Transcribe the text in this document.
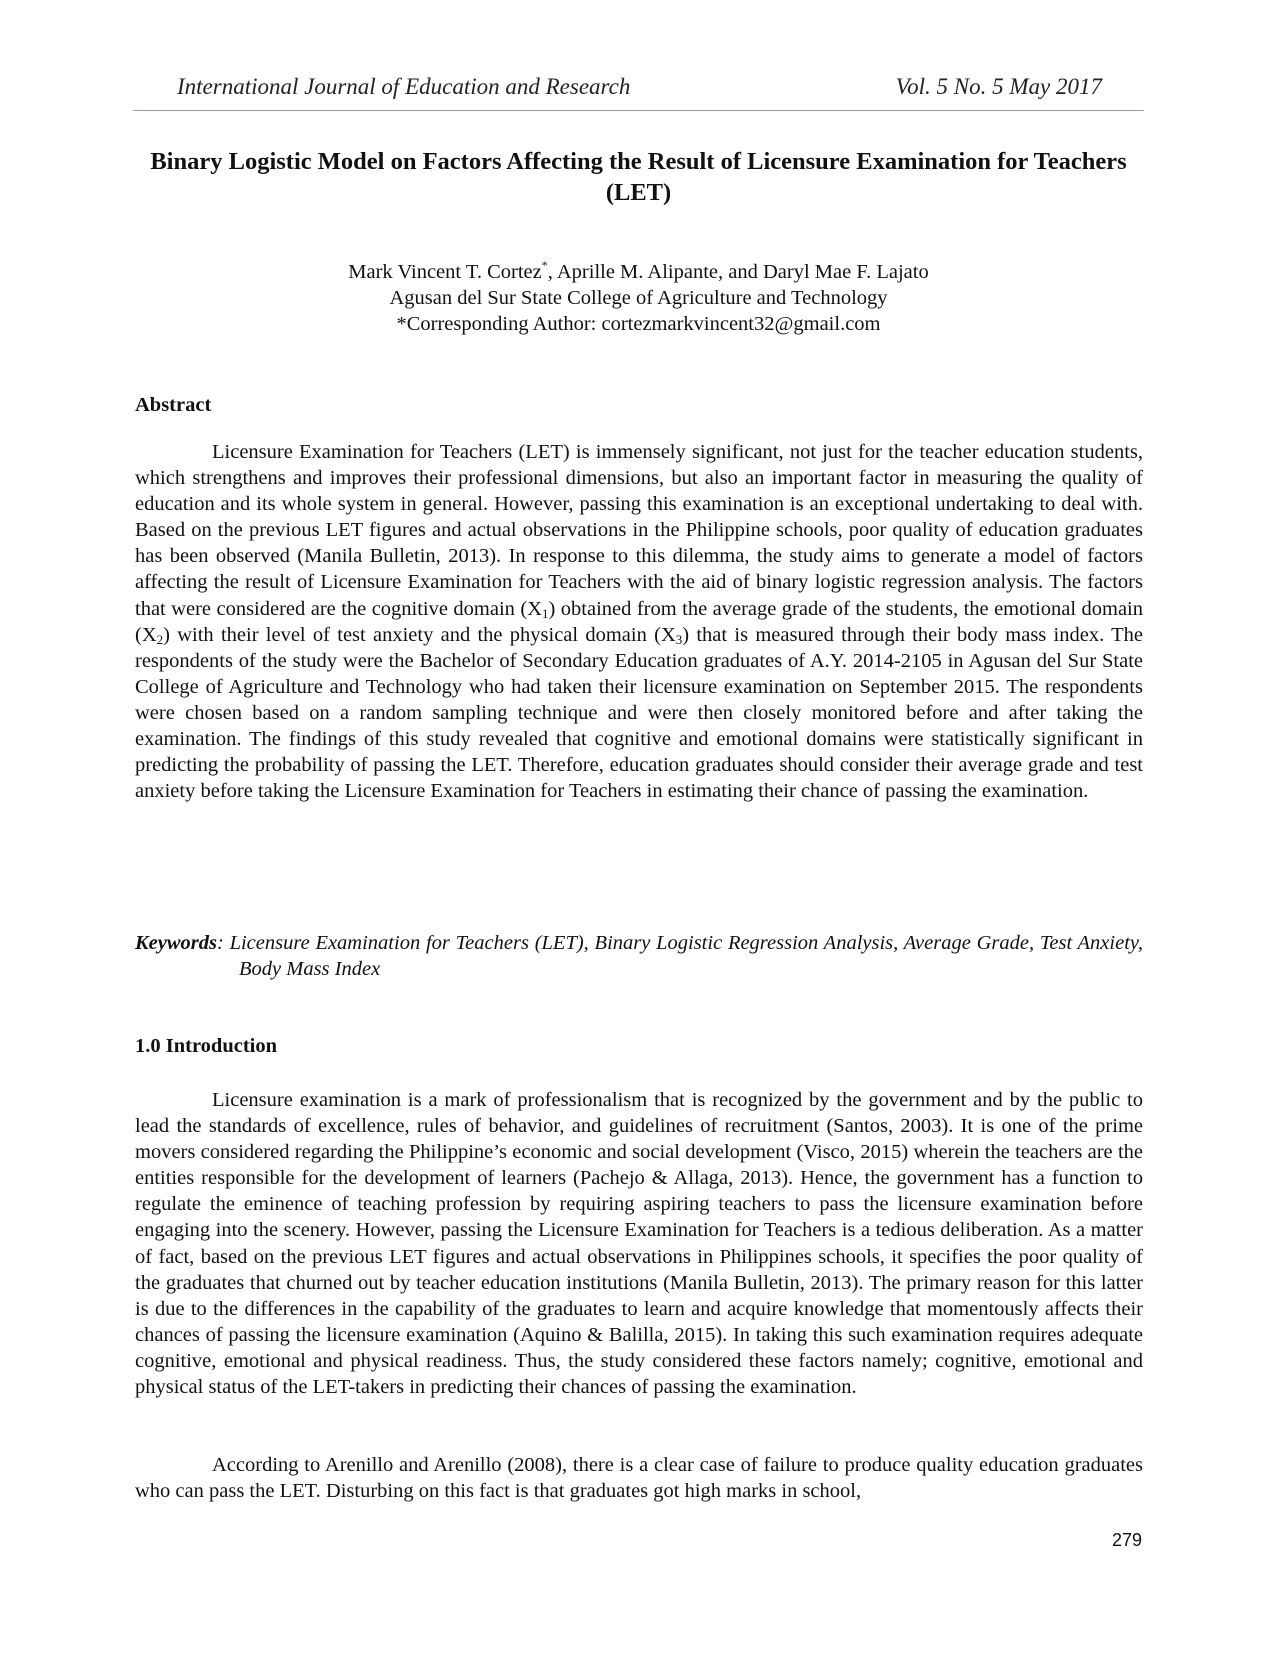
International Journal of Education and Research	Vol. 5 No. 5 May 2017
Binary Logistic Model on Factors Affecting the Result of Licensure Examination for Teachers (LET)
Mark Vincent T. Cortez*, Aprille M. Alipante, and Daryl Mae F. Lajato
Agusan del Sur State College of Agriculture and Technology
*Corresponding Author: cortezmarkvincent32@gmail.com
Abstract
Licensure Examination for Teachers (LET) is immensely significant, not just for the teacher education students, which strengthens and improves their professional dimensions, but also an important factor in measuring the quality of education and its whole system in general. However, passing this examination is an exceptional undertaking to deal with. Based on the previous LET figures and actual observations in the Philippine schools, poor quality of education graduates has been observed (Manila Bulletin, 2013). In response to this dilemma, the study aims to generate a model of factors affecting the result of Licensure Examination for Teachers with the aid of binary logistic regression analysis. The factors that were considered are the cognitive domain $(X_1)$ obtained from the average grade of the students, the emotional domain $(X_2)$ with their level of test anxiety and the physical domain $(X_3)$ that is measured through their body mass index. The respondents of the study were the Bachelor of Secondary Education graduates of A.Y. 2014-2105 in Agusan del Sur State College of Agriculture and Technology who had taken their licensure examination on September 2015. The respondents were chosen based on a random sampling technique and were then closely monitored before and after taking the examination. The findings of this study revealed that cognitive and emotional domains were statistically significant in predicting the probability of passing the LET. Therefore, education graduates should consider their average grade and test anxiety before taking the Licensure Examination for Teachers in estimating their chance of passing the examination.
Keywords: Licensure Examination for Teachers (LET), Binary Logistic Regression Analysis, Average Grade, Test Anxiety, Body Mass Index
1.0 Introduction
Licensure examination is a mark of professionalism that is recognized by the government and by the public to lead the standards of excellence, rules of behavior, and guidelines of recruitment (Santos, 2003). It is one of the prime movers considered regarding the Philippine’s economic and social development (Visco, 2015) wherein the teachers are the entities responsible for the development of learners (Pachejo & Allaga, 2013). Hence, the government has a function to regulate the eminence of teaching profession by requiring aspiring teachers to pass the licensure examination before engaging into the scenery. However, passing the Licensure Examination for Teachers is a tedious deliberation. As a matter of fact, based on the previous LET figures and actual observations in Philippines schools, it specifies the poor quality of the graduates that churned out by teacher education institutions (Manila Bulletin, 2013). The primary reason for this latter is due to the differences in the capability of the graduates to learn and acquire knowledge that momentously affects their chances of passing the licensure examination (Aquino & Balilla, 2015). In taking this such examination requires adequate cognitive, emotional and physical readiness. Thus, the study considered these factors namely; cognitive, emotional and physical status of the LET-takers in predicting their chances of passing the examination.
According to Arenillo and Arenillo (2008), there is a clear case of failure to produce quality education graduates who can pass the LET. Disturbing on this fact is that graduates got high marks in school,
279
